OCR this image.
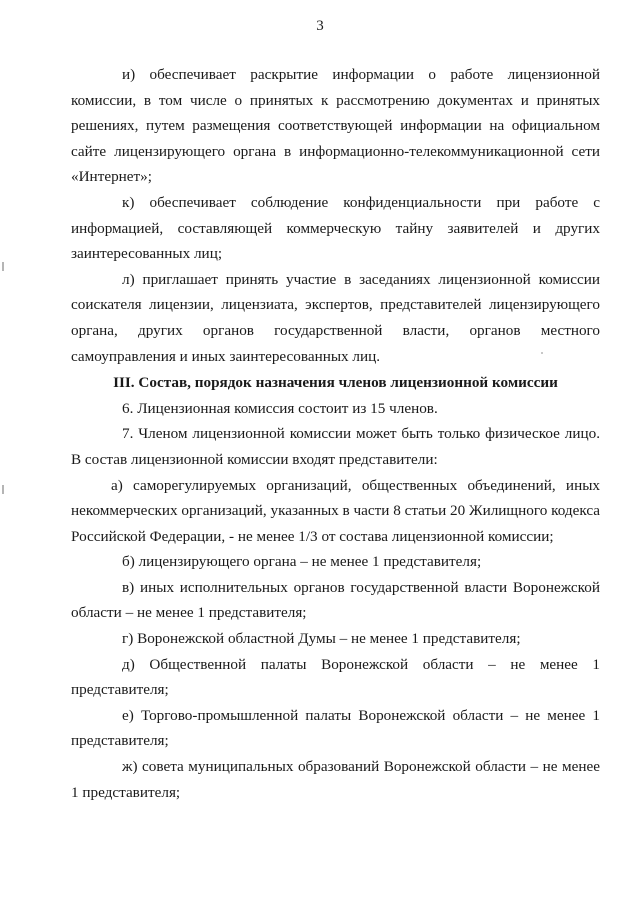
3

и) обеспечивает раскрытие информации о работе лицензионной комиссии, в том числе о принятых к рассмотрению документах и принятых решениях, путем размещения соответствующей информации на официальном сайте лицензирующего органа в информационно-телекоммуникационной сети «Интернет»;

к) обеспечивает соблюдение конфиденциальности при работе с информацией, составляющей коммерческую тайну заявителей и других заинтересованных лиц;

л) приглашает принять участие в заседаниях лицензионной комиссии соискателя лицензии, лицензиата, экспертов, представителей лицензирующего органа, других органов государственной власти, органов местного самоуправления и иных заинтересованных лиц.

III. Состав, порядок назначения членов лицензионной комиссии

6. Лицензионная комиссия состоит из 15 членов.

7. Членом лицензионной комиссии может быть только физическое лицо. В состав лицензионной комиссии входят представители:

а) саморегулируемых организаций, общественных объединений, иных некоммерческих организаций, указанных в части 8 статьи 20 Жилищного кодекса Российской Федерации, - не менее 1/3 от состава лицензионной комиссии;

б) лицензирующего органа – не менее 1 представителя;

в) иных исполнительных органов государственной власти Воронежской области – не менее 1 представителя;

г) Воронежской областной Думы – не менее 1 представителя;

д) Общественной палаты Воронежской области – не менее 1 представителя;

е) Торгово-промышленной палаты Воронежской области – не менее 1 представителя;

ж) совета муниципальных образований Воронежской области – не менее 1 представителя;
